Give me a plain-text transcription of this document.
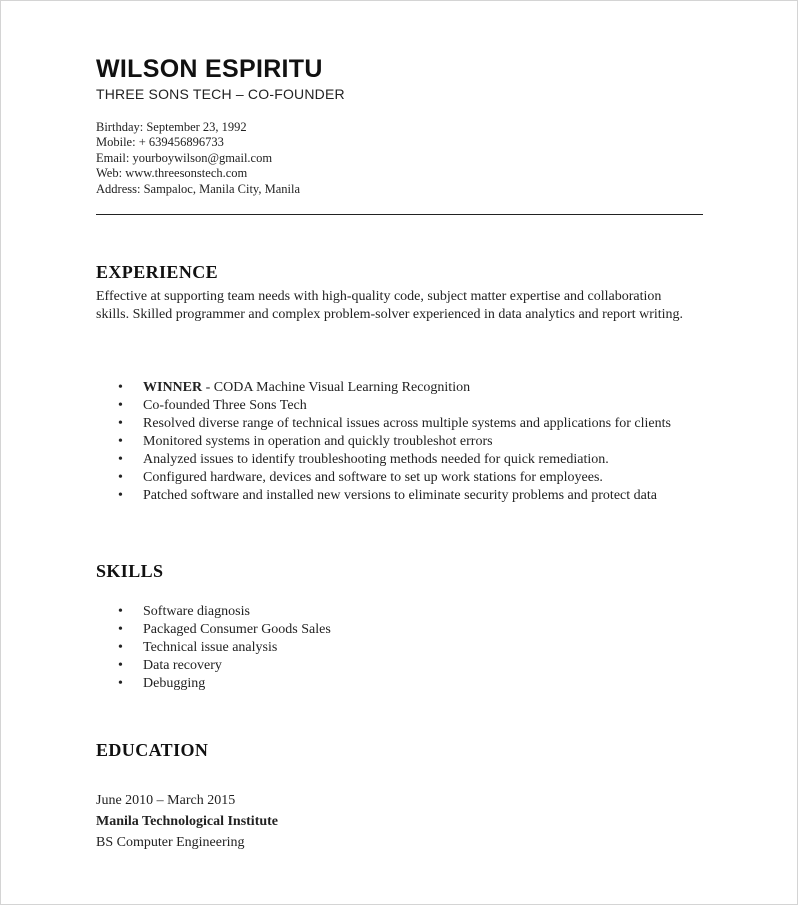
WILSON ESPIRITU
THREE SONS TECH – CO-FOUNDER
Birthday: September 23, 1992
Mobile: + 639456896733
Email: yourboywilson@gmail.com
Web: www.threesonstech.com
Address: Sampaloc, Manila City, Manila
EXPERIENCE
Effective at supporting team needs with high-quality code, subject matter expertise and collaboration skills. Skilled programmer and complex problem-solver experienced in data analytics and report writing.
• WINNER - CODA Machine Visual Learning Recognition
• Co-founded Three Sons Tech
• Resolved diverse range of technical issues across multiple systems and applications for clients
• Monitored systems in operation and quickly troubleshot errors
• Analyzed issues to identify troubleshooting methods needed for quick remediation.
• Configured hardware, devices and software to set up work stations for employees.
• Patched software and installed new versions to eliminate security problems and protect data
SKILLS
• Software diagnosis
• Packaged Consumer Goods Sales
• Technical issue analysis
• Data recovery
• Debugging
EDUCATION
June 2010 – March 2015
Manila Technological Institute
BS Computer Engineering
